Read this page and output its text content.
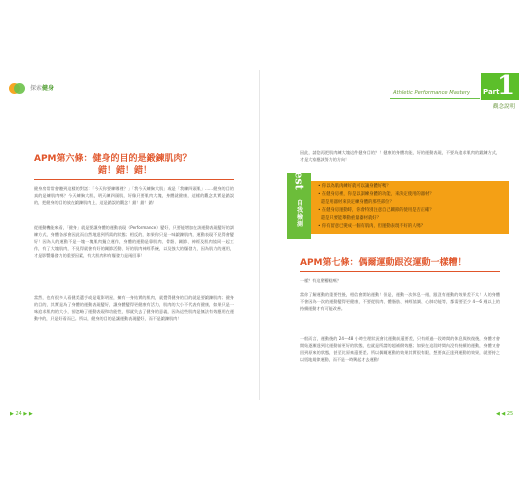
探索健身
APM第六條：健身的目的是鍛鍊肌肉？
錯！錯！錯！
健身房常常會聽到這樣的對話：「今天你要練哪裡？」「我今天練胸大肌」或是「我練四頭肌」……健身的目的真的是練肌肉嗎？今天練胸大肌，明天練四頭肌，好像只要肌肉大塊，身體就健康，這樣的觀念其實是錯誤的，把健身的目的放在鍛鍊肌肉上，這是錯誤的觀念！錯！錯！錯！
從運動機能來看，「健身」就是要讓身體的運動表現（Performance）變好，只要能增加在該運動表現變好的訓練方式，身體各部會因此而自然地達到所需的狀態；相反的，如果你只是一味鍛鍊肌肉，運動表現不見得會變好！因為人的運動不是一塊一塊肌肉獨立運作，身體的運動是靠肌肉、骨骼、關節、神經及肌肉協同一起工作，有了大塊肌肉，不見得就會有好的關節活動、好的肌肉神經系統，以及強大的爆發力，因為肌力的運用，才是影響爆發力的重要因素，有大肌肉和有爆發力是兩回事！
當然，也有很多人看健美選手或是電影明星，擁有一身結實的肌肉，就覺得健身的目的就是要鍛鍊肌肉；健身的目的，其實是為了身體的運動表現變好，讓身體變得更健康有活力，肌肉的大小不代表有健康，如果只是一味追求肌肉的大小，卻忽略了運動表現和功能性，那就失去了健身的意義，因為這些肌肉是無法有效應用在運動中的，只是好看而已。所以，健身的目的是讓運動表現變好，而不是鍛鍊肌肉！
▶ 24 ▶ ▶
Athletic Performance Mastery Part
1
觀念說明
因此，請您再把肌肉練大塊這件健身目的？！健康的身體功能，好的運動表現，不要為追求肌肉的鍛鍊方式，才是大家應該努力的方向！
Test
自我檢測
• 你以為肌肉練好就可以讓身體好嗎？
• 在健身房裡，你是以訓練身體的功能，來決定使用的器材？
還是用器材來決定練身體的那些部位？
• 在健身房運動時，你會特別注意自己關節的使用是否正確？
還是只要能舉動重量器材就好？
• 你有留意已變成一個有肌肉，但運動表現不好的人嗎？
APM第七條：偶爾運動跟沒運動一樣糟！
一樣？有這麼糟糕嗎？
當你了解運動的重要性後，相信會開始運動！但是，運動一次休息一週，跟沒有運動的效果差不太！人的身體不會因為一次的運動變得更健康，不要從肌肉、體脂肪、神經協調、心肺功能等，都需要至少 4～6 週以上的持續運動才有可能改善。
一般而言，運動後的 24～48 小時生理狀況會比運動前還要差，只有經過一段時間的休息與恢復後，身體才會開始逐漸達到比運動前更好的狀態，也就是所謂的超補償效應；如果在這段時間內沒有持續的運動，身體又會回到原來的狀態，甚至比原來還要差。所以偶爾運動的效果其實很有限，想要真正達到運動的效果，就要持之以恆地規律運動，而不是一時興起才去運動！
◀ ◀ 25
